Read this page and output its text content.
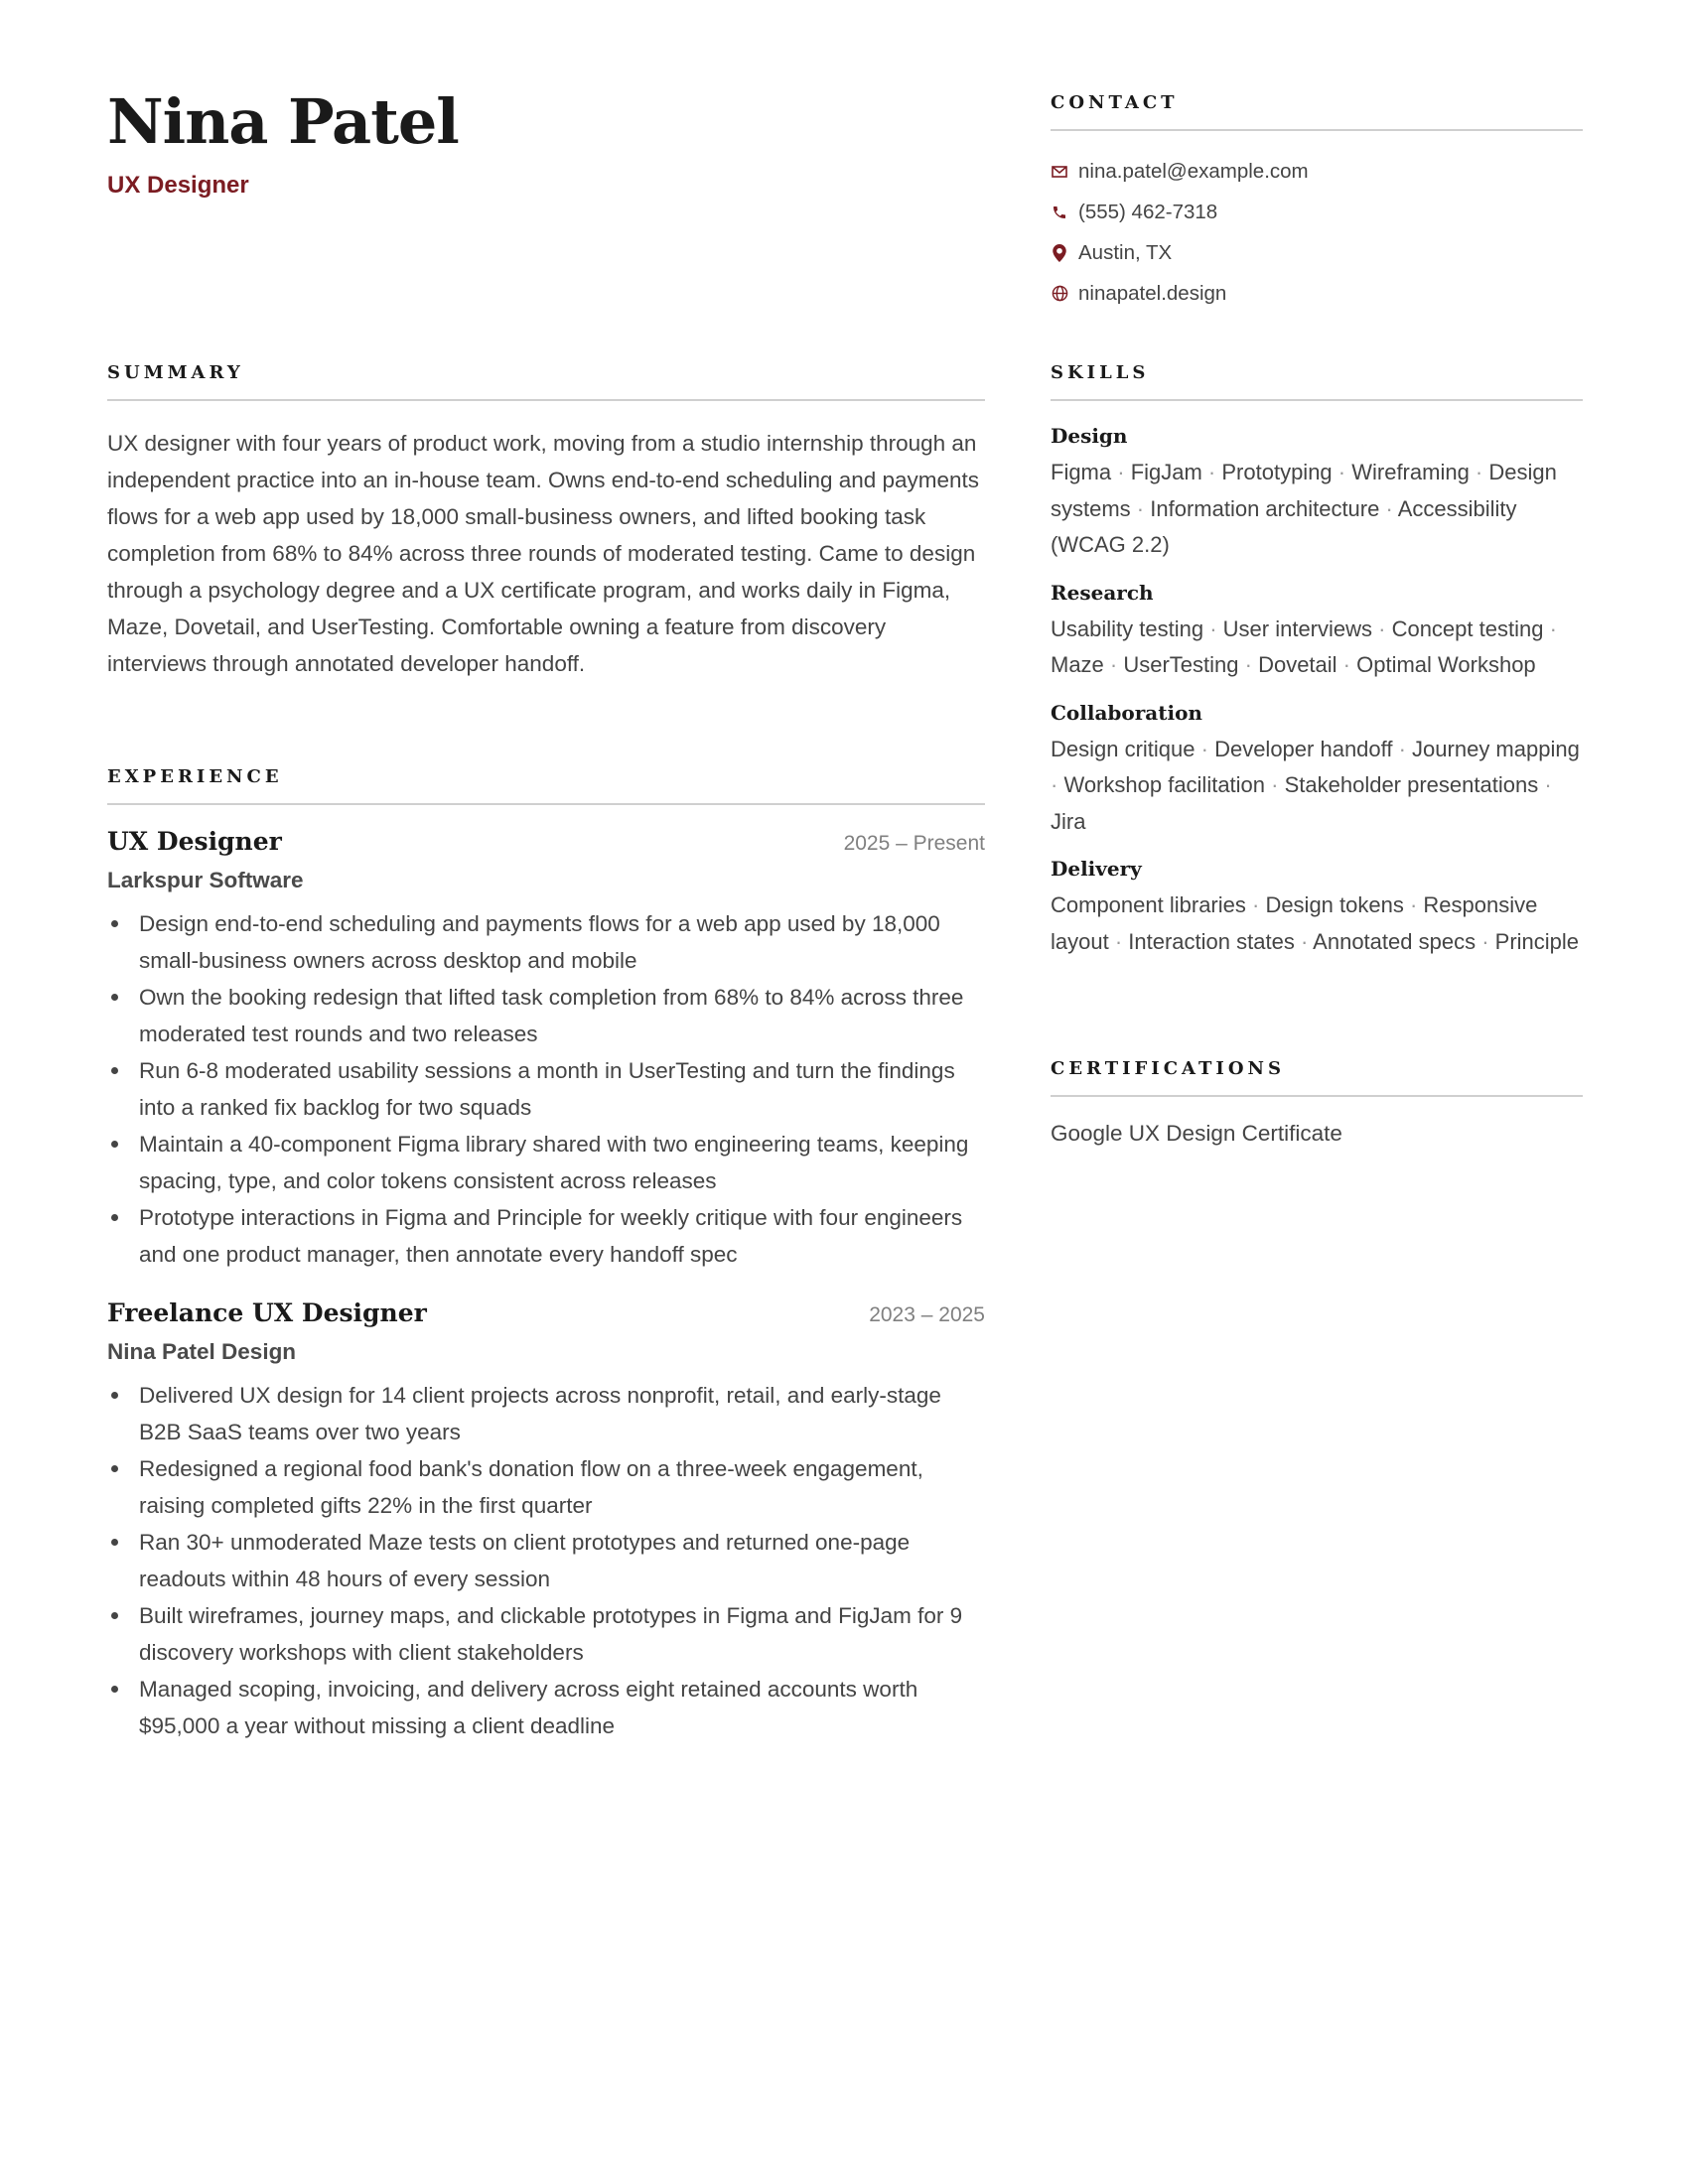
Nina Patel

UX Designer

SUMMARY

UX designer with four years of product work, moving from a studio internship through an independent practice into an in-house team. Owns end-to-end scheduling and payments flows for a web app used by 18,000 small-business owners, and lifted booking task completion from 68% to 84% across three rounds of moderated testing. Came to design through a psychology degree and a UX certificate program, and works daily in Figma, Maze, Dovetail, and UserTesting. Comfortable owning a feature from discovery interviews through annotated developer handoff.

EXPERIENCE
UX Designer	2025 – Present
Larkspur Software
Design end-to-end scheduling and payments flows for a web app used by 18,000 small-business owners across desktop and mobile
Own the booking redesign that lifted task completion from 68% to 84% across three moderated test rounds and two releases
Run 6-8 moderated usability sessions a month in UserTesting and turn the findings into a ranked fix backlog for two squads
Maintain a 40-component Figma library shared with two engineering teams, keeping spacing, type, and color tokens consistent across releases
Prototype interactions in Figma and Principle for weekly critique with four engineers and one product manager, then annotate every handoff spec
Freelance UX Designer	2023 – 2025
Nina Patel Design
Delivered UX design for 14 client projects across nonprofit, retail, and early-stage B2B SaaS teams over two years
Redesigned a regional food bank's donation flow on a three-week engagement, raising completed gifts 22% in the first quarter
Ran 30+ unmoderated Maze tests on client prototypes and returned one-page readouts within 48 hours of every session
Built wireframes, journey maps, and clickable prototypes in Figma and FigJam for 9 discovery workshops with client stakeholders
Managed scoping, invoicing, and delivery across eight retained accounts worth $95,000 a year without missing a client deadline
CONTACT
nina.patel@example.com
(555) 462-7318
Austin, TX
ninapatel.design
SKILLS

Design

Figma · FigJam · Prototyping · Wireframing · Design systems · Information architecture · Accessibility (WCAG 2.2)

Research

Usability testing · User interviews · Concept testing · Maze · UserTesting · Dovetail · Optimal Workshop

Collaboration

Design critique · Developer handoff · Journey mapping · Workshop facilitation · Stakeholder presentations · Jira

Delivery

Component libraries · Design tokens · Responsive layout · Interaction states · Annotated specs · Principle

CERTIFICATIONS

Google UX Design Certificate
